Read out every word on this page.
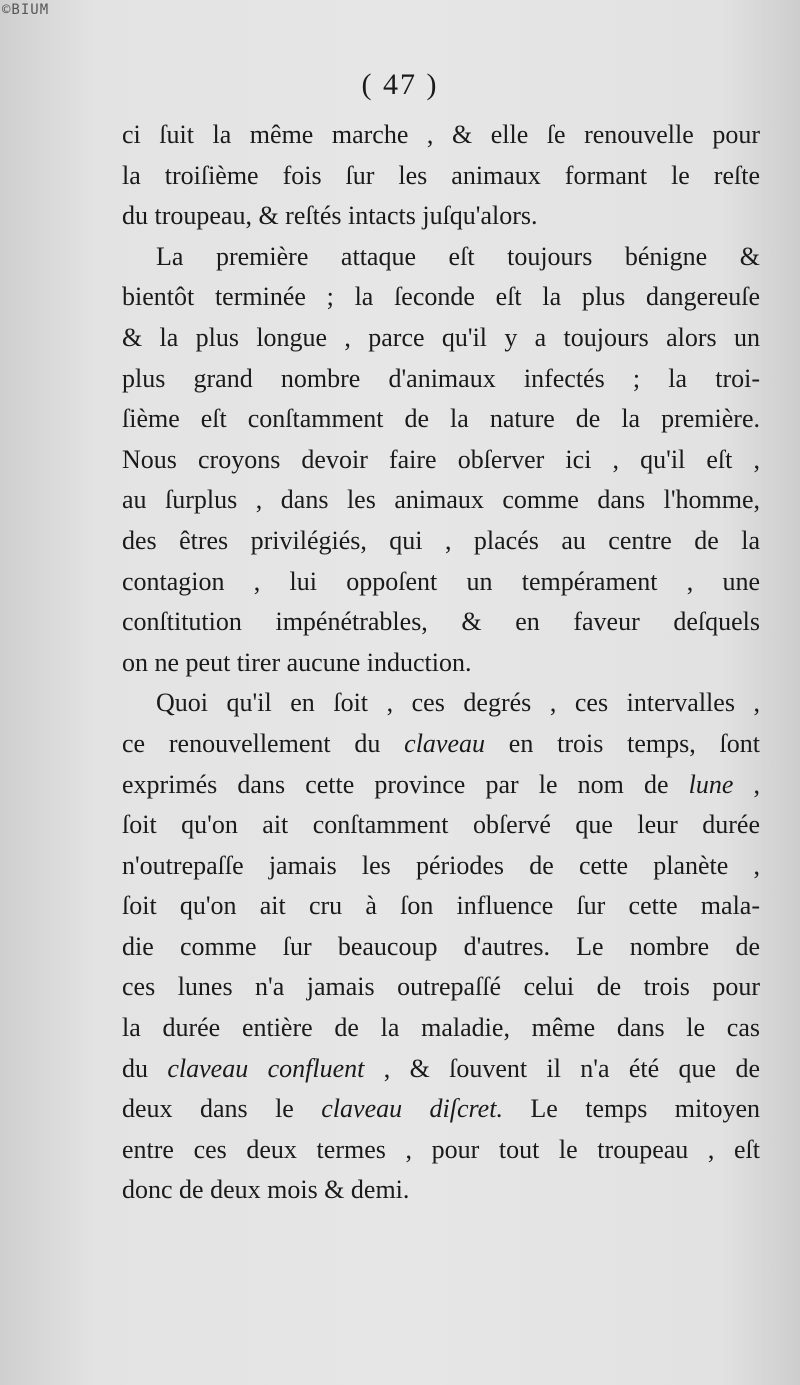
©BIUM
( 47 )
ci ſuit la même marche , & elle ſe renouvelle pour
la troiſième fois ſur les animaux formant le reſte
du troupeau, & reſtés intacts juſqu'alors.
La première attaque eſt toujours bénigne &
bientôt terminée ; la ſeconde eſt la plus dangereuſe
& la plus longue , parce qu'il y a toujours alors un
plus grand nombre d'animaux infectés ; la troi-
ſième eſt conſtamment de la nature de la première.
Nous croyons devoir faire obſerver ici , qu'il eſt ,
au ſurplus , dans les animaux comme dans l'homme,
des êtres privilégiés, qui , placés au centre de la
contagion , lui oppoſent un tempérament , une
conſtitution impénétrables, & en faveur deſquels
on ne peut tirer aucune induction.
Quoi qu'il en ſoit , ces degrés , ces intervalles ,
ce renouvellement du claveau en trois temps, ſont
exprimés dans cette province par le nom de lune ,
ſoit qu'on ait conſtamment obſervé que leur durée
n'outrepaſſe jamais les périodes de cette planète ,
ſoit qu'on ait cru à ſon influence ſur cette mala-
die comme ſur beaucoup d'autres. Le nombre de
ces lunes n'a jamais outrepaſſé celui de trois pour
la durée entière de la maladie, même dans le cas
du claveau confluent , & ſouvent il n'a été que de
deux dans le claveau diſcret. Le temps mitoyen
entre ces deux termes , pour tout le troupeau , eſt
donc de deux mois & demi.
